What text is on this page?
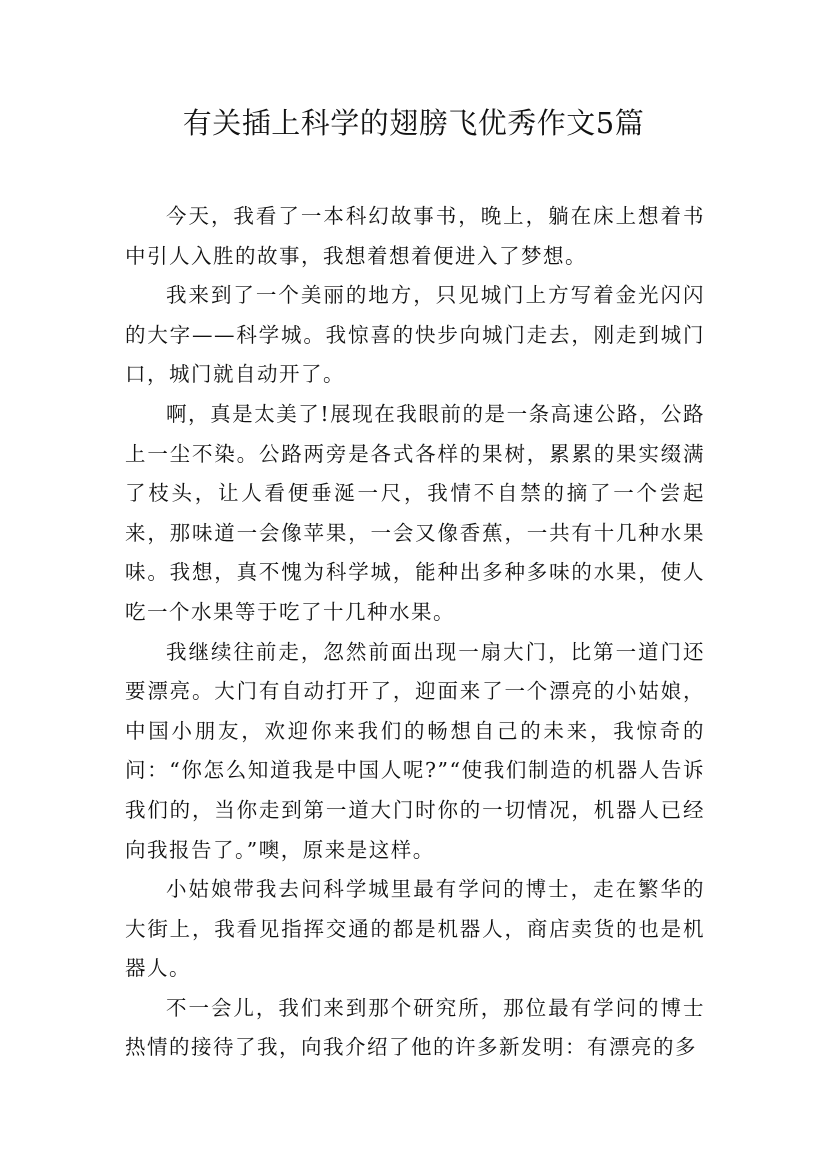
有关插上科学的翅膀飞优秀作文5篇

今天，我看了一本科幻故事书，晚上，躺在床上想着书中引人入胜的故事，我想着想着便进入了梦想。

我来到了一个美丽的地方，只见城门上方写着金光闪闪的大字——科学城。我惊喜的快步向城门走去，刚走到城门口，城门就自动开了。

啊，真是太美了!展现在我眼前的是一条高速公路，公路上一尘不染。公路两旁是各式各样的果树，累累的果实缀满了枝头，让人看便垂涎一尺，我情不自禁的摘了一个尝起来，那味道一会像苹果，一会又像香蕉，一共有十几种水果味。我想，真不愧为科学城，能种出多种多味的水果，使人吃一个水果等于吃了十几种水果。

我继续往前走，忽然前面出现一扇大门，比第一道门还要漂亮。大门有自动打开了，迎面来了一个漂亮的小姑娘，中国小朋友，欢迎你来我们的畅想自己的未来，我惊奇的问：“你怎么知道我是中国人呢?”“使我们制造的机器人告诉我们的，当你走到第一道大门时你的一切情况，机器人已经向我报告了。”噢，原来是这样。

小姑娘带我去问科学城里最有学问的博士，走在繁华的大街上，我看见指挥交通的都是机器人，商店卖货的也是机器人。

不一会儿，我们来到那个研究所，那位最有学问的博士热情的接待了我，向我介绍了他的许多新发明：有漂亮的多
